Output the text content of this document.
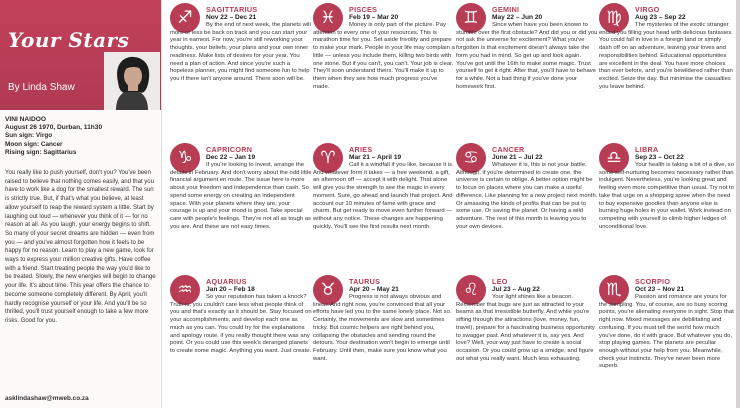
Your Stars
By Linda Shaw
VINI NAIDOO
August 26 1970, Durban, 11h30
Sun sign: Virgo
Moon sign: Cancer
Rising sign: Sagittarius
You really like to push yourself, don't you? You've been raised to believe that nothing comes easily, and that you have to work like a dog for the smallest reward. The sun is strictly true. But, if that's what you believe, at least allow yourself to reap the reward system a little. Start by laughing out loud — whenever you think of it — for no reason at all. As you laugh, your energy begins to shift. So many of your secret dreams are hidden — even from you — and you've almost forgotten how it feels to be happy for no reason. Learn to play a new game, look for ways to express your million creative gifts. Have coffee with a friend. Start treating people the way you'd like to be treated. Slowly, the new energies will begin to change your life. It's about time. This year offers the chance to become someone completely different. By April, you'll hardly recognise yourself or your life. And you'll be so thrilled, you'll trust yourself enough to take a few more risks. Good for you.
asklindashaw@mweb.co.za
♐	SAGITTARIUS
Nov 22 – Dec 21
By the end of next week, the planets will more or less be back on track and you can start your year in earnest. For now, you're still reworking your thoughts, your beliefs, your plans and your own inner readiness. Make lists of desires for your year. You need a plan of action. And since you're such a hopeless planner, you might find someone fun to help you if there isn't anyone around. There soon will be.
♓	PISCES
Feb 19 – Mar 20
Money is only part of the picture. Pay attention to every one of your resources. This is marathon time for you. Set aside frivolity and prepare to make your mark. People in your life may complain a little — unless you include them, killing two birds with one stone. But if you can't, you can't. Your job is clear. They'll soon understand theirs. You'll make it up to them when they see how much progress you've made.
♊	GEMINI
May 22 – Jun 20
Since when have you been known to stumble over the first obstacle? And did you or did you not ask the universe for excitement? What you've forgotten is that excitement doesn't always take the form you had in mind. So get up and look again. You've got until the 16th to make some magic. Trust yourself to get it right. After that, you'll have to behave for a while. Not a bad thing if you've done your homework first.
♍	VIRGO
Aug 23 – Sep 22
The mysteries of the exotic stranger ended you filling your head with delicious fantasies. You could fall in love in a foreign land or simply dash off on an adventure, leaving your loves and responsibilities behind. Educational opportunities are excellent in the deal. You have more choices than ever before, and you're bewildered rather than excited. Seize the day. But minimise the casualties you leave behind.
♑	CAPRICORN
Dec 22 – Jan 19
If you're looking to invest, arrange the details in February. And don't worry about the odd little financial argument en route. The issue here is more about your freedom and independence than cash. So spend some energy on creating an independent space. With your planets where they are, your courage is up and your mood is good. Take special care with people's feelings. They're not all as tough as you are. And these are not easy times.
♈	ARIES
Mar 21 – April 19
Call it a windfall if you like, because it is. And whatever form it takes — a free weekend, a gift, an afternoon off — accept it with delight. That alone will give you the strength to see the magic in every moment. Sure, go ahead and launch that project. And account our 10 minutes of fame with grace and charm. But get ready to move even further forward — without any notice. These changes are happening quickly. You'll see the first results next month.
♋	CANCER
June 21 – Jul 22
Whatever it is, this is not your battle. Although, if you're determined to create one, the universe is certain to oblige. A better option might be to focus on places where you can make a useful difference. Like planning for a new project next month. Or amassing the kinds of profits that can be put to some use. Or saving the planet. Or having a wild adventure. The rest of this month is leaving you to your own devices.
♎	LIBRA
Sep 23 – Oct 22
Your health is taking a bit of a dive, so some self-nurturing becomes necessary rather than indulgent. Nevertheless, you're looking great and feeling even more competitive than usual. Try not to take that urge on a shopping spree when the need to buy expensive goodies than anyone else is burning huge holes in your wallet. Work instead on competing with yourself to climb higher ledges of unconditional love.
♒	AQUARIUS
Jan 20 – Feb 18
So your reputation has taken a knock? Truth is, you couldn't care less what people think of you and that's exactly as it should be. Stay focused on your accomplishments, and develop each one as much as you can. You could try for the explanations and apology route, if you really thought there was any point. Or you could use this week's deranged planets to create some magic. Anything you want. Just create.
♉	TAURUS
Apr 20 – May 21
Progress is not always obvious and linear. And right now, you're convinced that all your efforts have led you to the same lonely place. Not so. Certainly, the movements are slow and sometimes tricky. But cosmic helpers are right behind you, collapsing the obstacles and sending round the detours. Your destination won't begin to emerge until February. Until then, make sure you know what you want.
♌	LEO
Jul 23 – Aug 22
Your light shines like a beacon. Remember that bugs are just as attracted to your beams as that irresistible butterfly. And while you're sifting through the attractions (love, money, fun, travel), prepare for a fascinating business opportunity to swagger past. And whatever it is, say yes. And love? Well, your way just have to create a social occasion. Or you could grow up a smidge, and figure out what you really want. Much less exhausting.
♏	SCORPIO
Oct 23 – Nov 21
Passion and romance are yours for the sampling. You, of course, are so busy scoring points, you're alienating everyone in sight. Stop that right now. Mixed messages are debilitating and confusing. If you must tell the world how much you've done, do it with grace. But whatever you do, stop playing games. The planets are peculiar enough without your help from you. Meanwhile, check your instincts. They've never been more superb.
